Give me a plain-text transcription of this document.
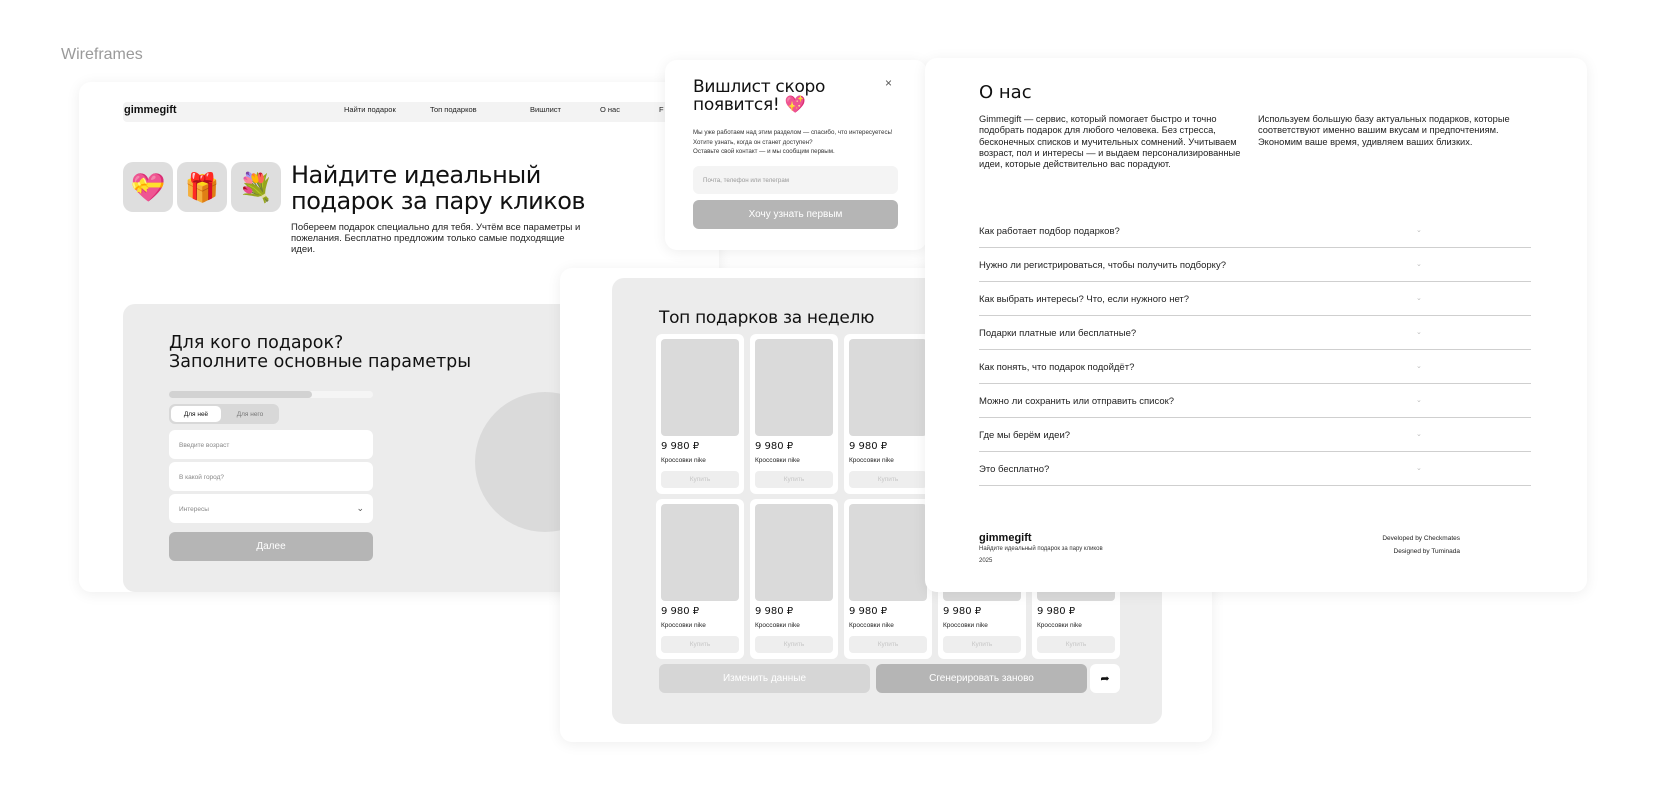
Wireframes
gimmegift	Найти подарок	Топ подарков	Вишлист	О нас	F
💝 🎁 💐 Найдите идеальный подарок за пару кликов
Побереем подарок специально для тебя. Учтём все параметры и пожелания. Бесплатно предложим только самые подходящие идеи.
Для кого подарок?
Заполните основные параметры
Для неё	Для него
Введите возраст
В какой город?
Интересы	⌄
Далее
Топ подарков за неделю
9 980 ₽
Кроссовки nike
Купить
9 980 ₽
Кроссовки nike
Купить
9 980 ₽
Кроссовки nike
Купить
9 980 ₽
Кроссовки nike
Купить
9 980 ₽
Кроссовки nike
Купить
9 980 ₽
Кроссовки nike
Купить
9 980 ₽
Кроссовки nike
Купить
9 980 ₽
Кроссовки nike
Купить
Изменить данные	Сгенерировать заново	➦
Вишлист скоро появится! 💖
×
Мы уже работаем над этим разделом — спасибо, что интересуетесь!
Хотите узнать, когда он станет доступен?
Оставьте свой контакт — и мы сообщим первым.
Почта, телефон или телеграм
Хочу узнать первым
О нас
Gimmegift — сервис, который помогает быстро и точно подобрать подарок для любого человека. Без стресса, бесконечных списков и мучительных сомнений. Учитываем возраст, пол и интересы — и выдаем персонализированные идеи, которые действительно вас порадуют.
Используем большую базу актуальных подарков, которые соответствуют именно вашим вкусам и предпочтениям. Экономим ваше время, удивляем ваших близких.
Как работает подбор подарков?	⌄
Нужно ли регистрироваться, чтобы получить подборку?	⌄
Как выбрать интересы? Что, если нужного нет?	⌄
Подарки платные или бесплатные?	⌄
Как понять, что подарок подойдёт?	⌄
Можно ли сохранить или отправить список?	⌄
Где мы берём идеи?	⌄
Это бесплатно?	⌄
gimmegift
Найдите идеальный подарок за пару кликов
2025
Developed by Checkmates
Designed by Tuminada
